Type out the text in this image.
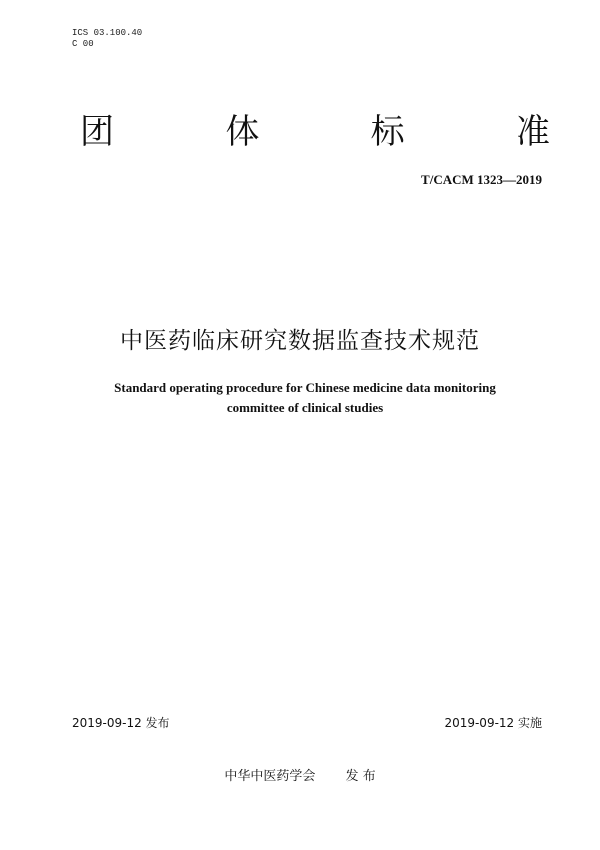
ICS 03.100.40
C 00
团	体	标	准
T/CACM 1323—2019
中医药临床研究数据监查技术规范
Standard operating procedure for Chinese medicine data monitoring
committee of clinical studies
2019-09-12 发布	2019-09-12 实施
中华中医药学会 发 布
